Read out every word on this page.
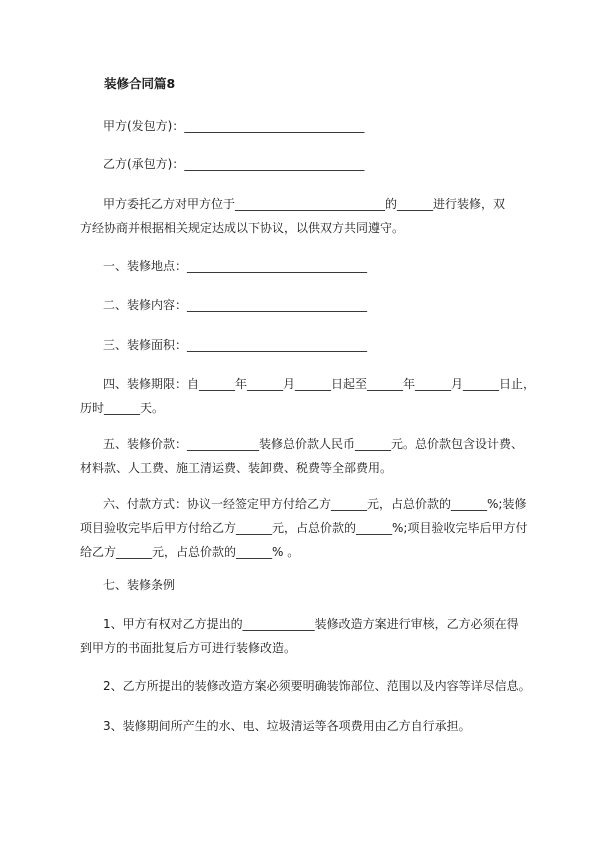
装修合同篇8

甲方(发包方)：______________________________

乙方(承包方)：______________________________

甲方委托乙方对甲方位于_________________________的______进行装修，双
方经协商并根据相关规定达成以下协议，以供双方共同遵守。

一、装修地点：______________________________

二、装修内容：______________________________

三、装修面积：______________________________

四、装修期限：自______年______月______日起至______年______月______日止，
历时______天。

五、装修价款：____________装修总价款人民币______元。总价款包含设计费、
材料款、人工费、施工清运费、装卸费、税费等全部费用。

六、付款方式：协议一经签定甲方付给乙方______元，占总价款的______%;装修
项目验收完毕后甲方付给乙方______元，占总价款的______%;项目验收完毕后甲方付
给乙方______元，占总价款的______% 。

七、装修条例

1、甲方有权对乙方提出的____________装修改造方案进行审核，乙方必须在得
到甲方的书面批复后方可进行装修改造。

2、乙方所提出的装修改造方案必须要明确装饰部位、范围以及内容等详尽信息。

3、装修期间所产生的水、电、垃圾清运等各项费用由乙方自行承担。
